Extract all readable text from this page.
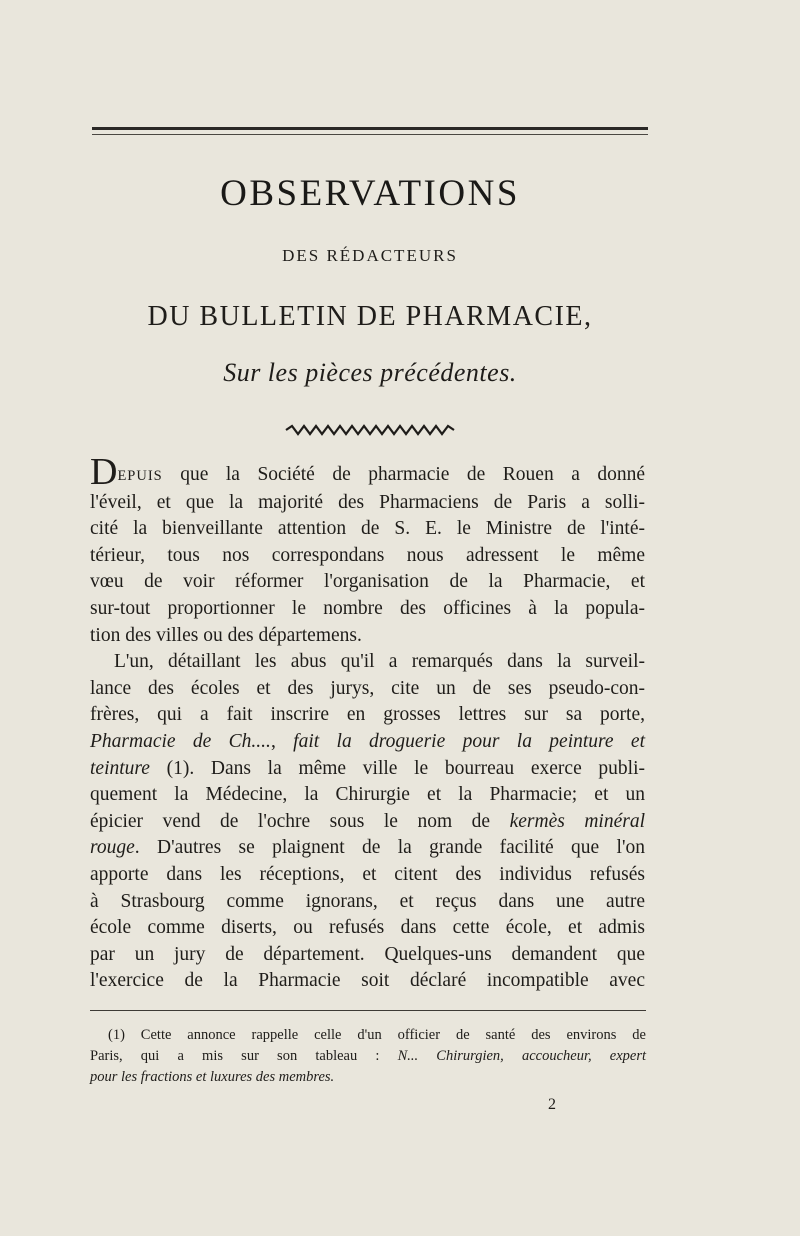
OBSERVATIONS
DES RÉDACTEURS
DU BULLETIN DE PHARMACIE,
Sur les pièces précédentes.
DEPUIS que la Société de pharmacie de Rouen a donné
l'éveil, et que la majorité des Pharmaciens de Paris a solli-
cité la bienveillante attention de S. E. le Ministre de l'inté-
térieur, tous nos correspondans nous adressent le même
vœu de voir réformer l'organisation de la Pharmacie, et
sur-tout proportionner le nombre des officines à la popula-
tion des villes ou des départemens.
L'un, détaillant les abus qu'il a remarqués dans la surveil-
lance des écoles et des jurys, cite un de ses pseudo-con-
frères, qui a fait inscrire en grosses lettres sur sa porte,
Pharmacie de Ch...., fait la droguerie pour la peinture et
teinture (1). Dans la même ville le bourreau exerce publi-
quement la Médecine, la Chirurgie et la Pharmacie; et un
épicier vend de l'ochre sous le nom de kermès minéral
rouge. D'autres se plaignent de la grande facilité que l'on
apporte dans les réceptions, et citent des individus refusés
à Strasbourg comme ignorans, et reçus dans une autre
école comme diserts, ou refusés dans cette école, et admis
par un jury de département. Quelques-uns demandent que
l'exercice de la Pharmacie soit déclaré incompatible avec
(1) Cette annonce rappelle celle d'un officier de santé des environs de
Paris, qui a mis sur son tableau : N... Chirurgien, accoucheur, expert
pour les fractions et luxures des membres.
2
